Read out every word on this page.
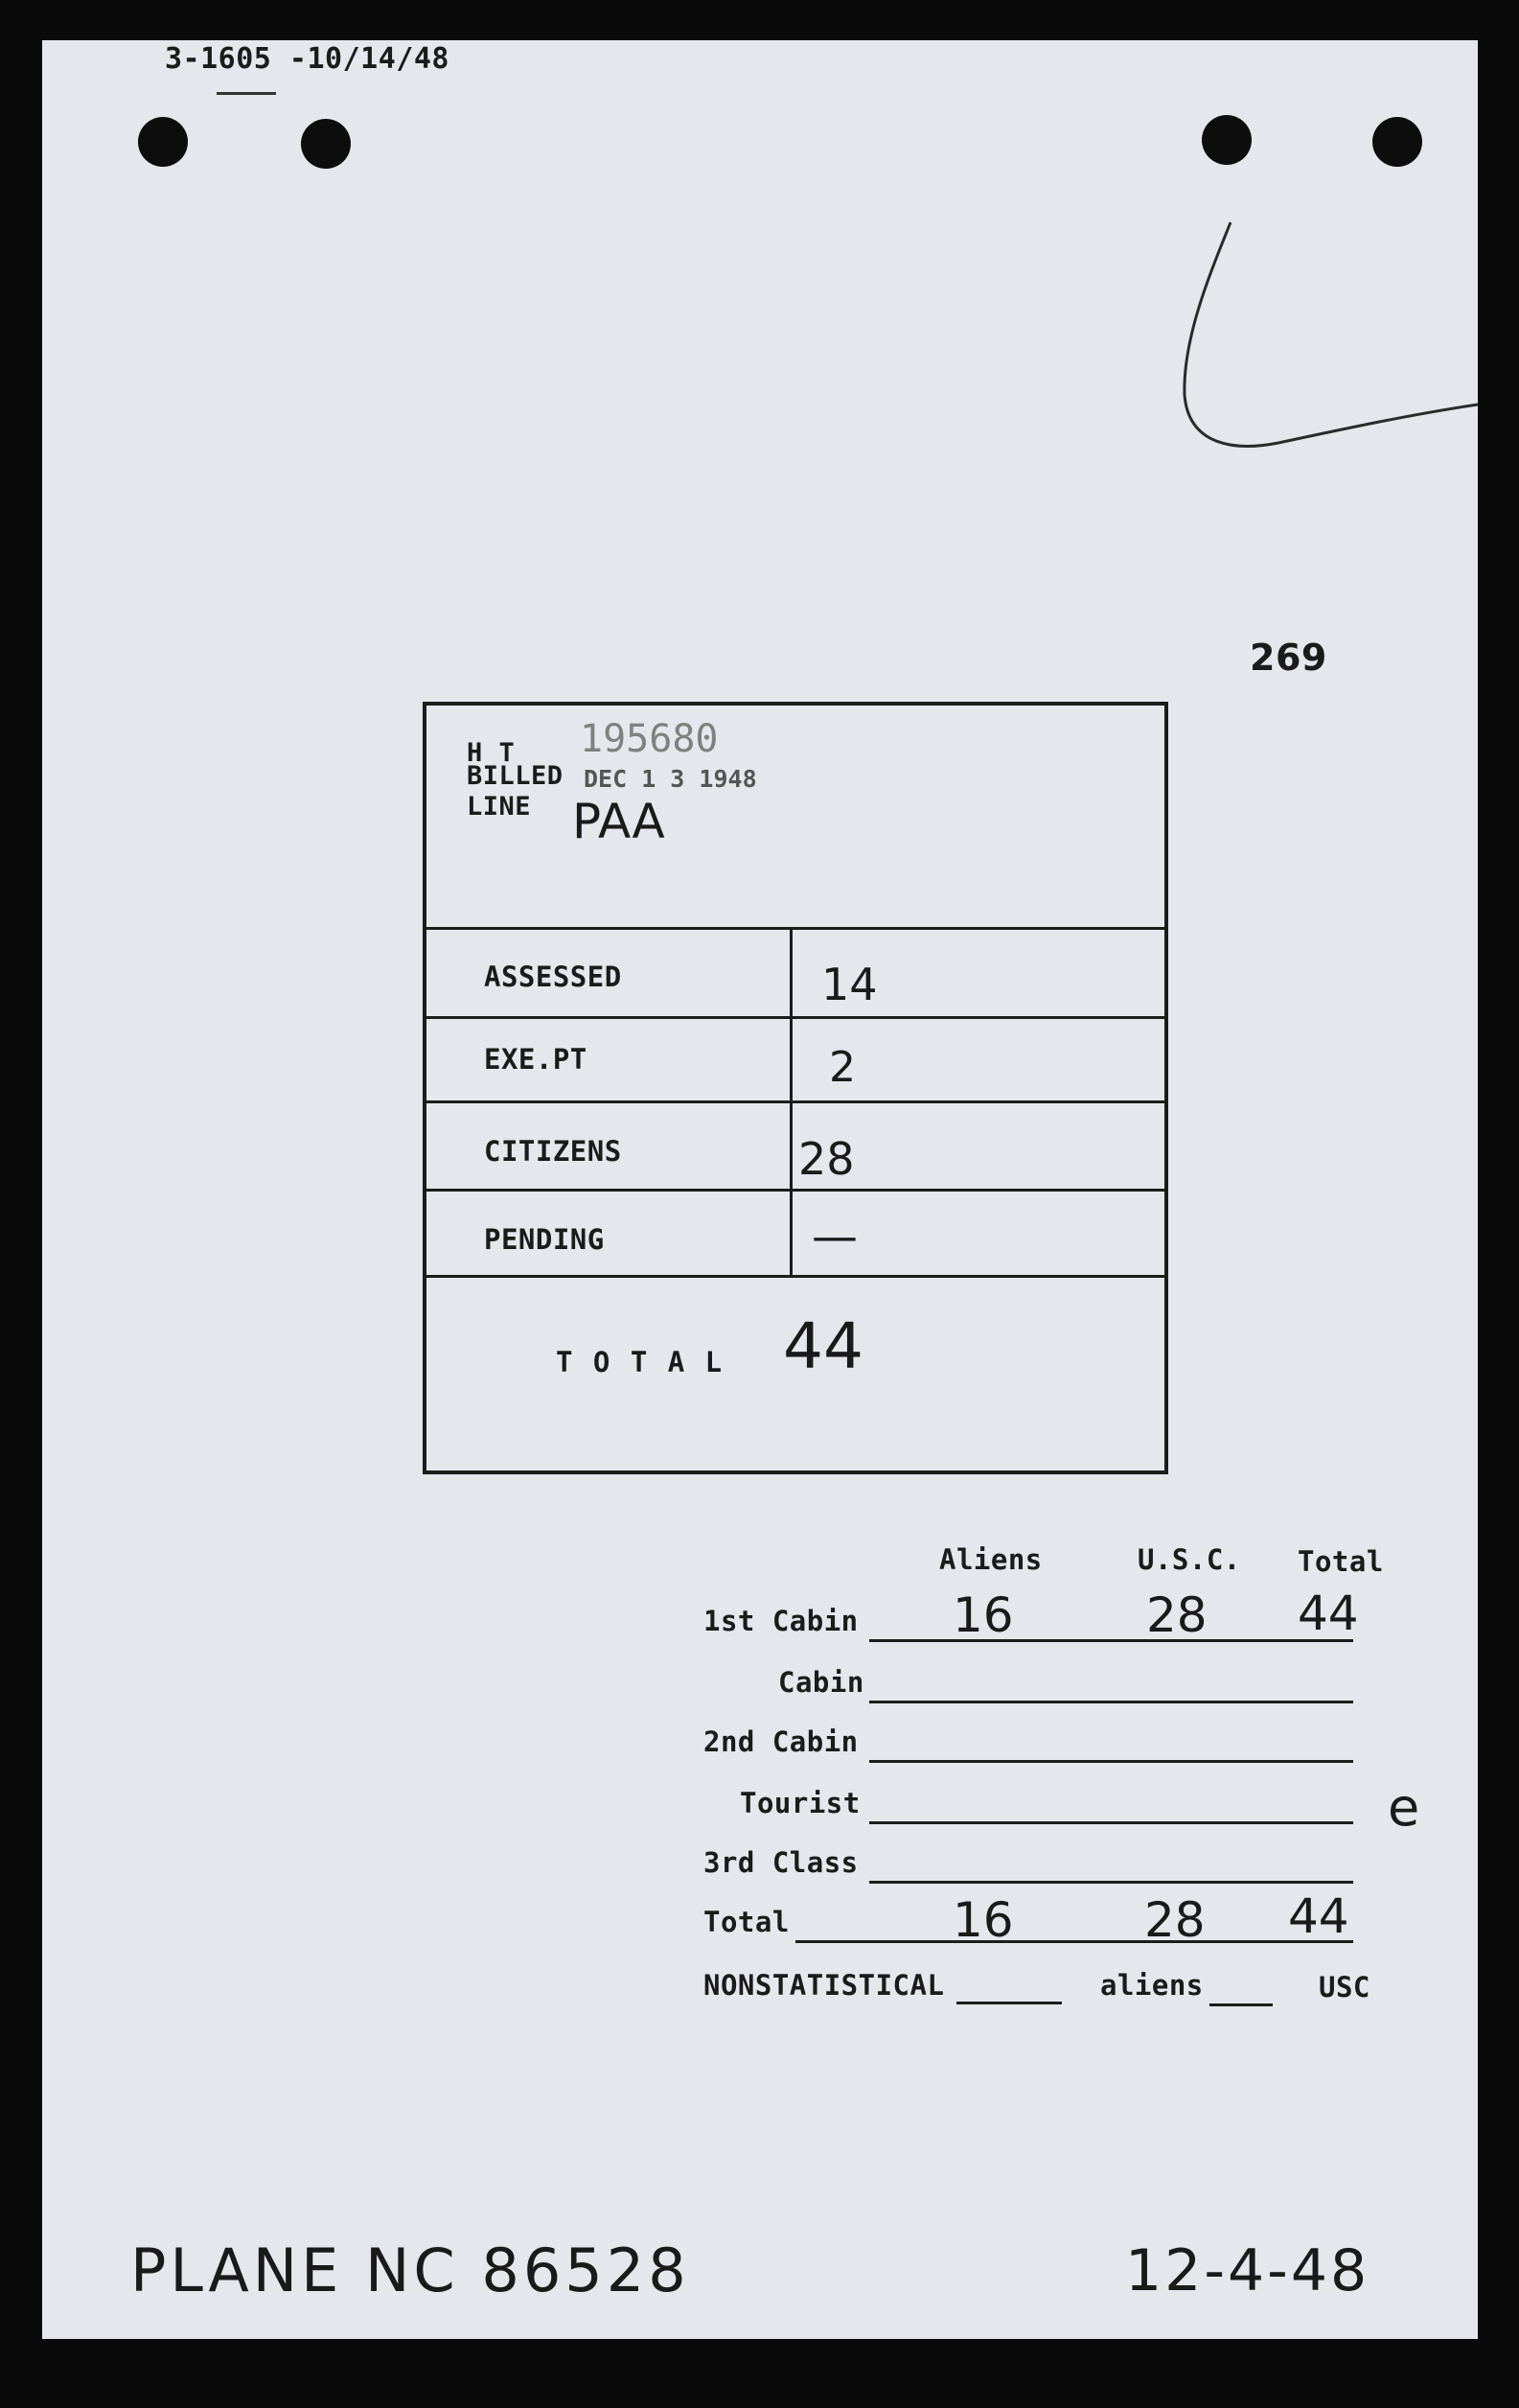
3-1605 -10/14/48
269
195680
H T
BILLED DEC 1 3 1948
LINE PAA
ASSESSED	14
EXE.PT	2
CITIZENS	28
PENDING	—
T O T A L 44
Aliens	U.S.C. Total
1st Cabin 16	28 44
Cabin
2nd Cabin
Tourist	e
3rd Class
Total	16	28 44
NONSTATISTICAL	aliens	USC
PLANE NC 86528	12-4-48
